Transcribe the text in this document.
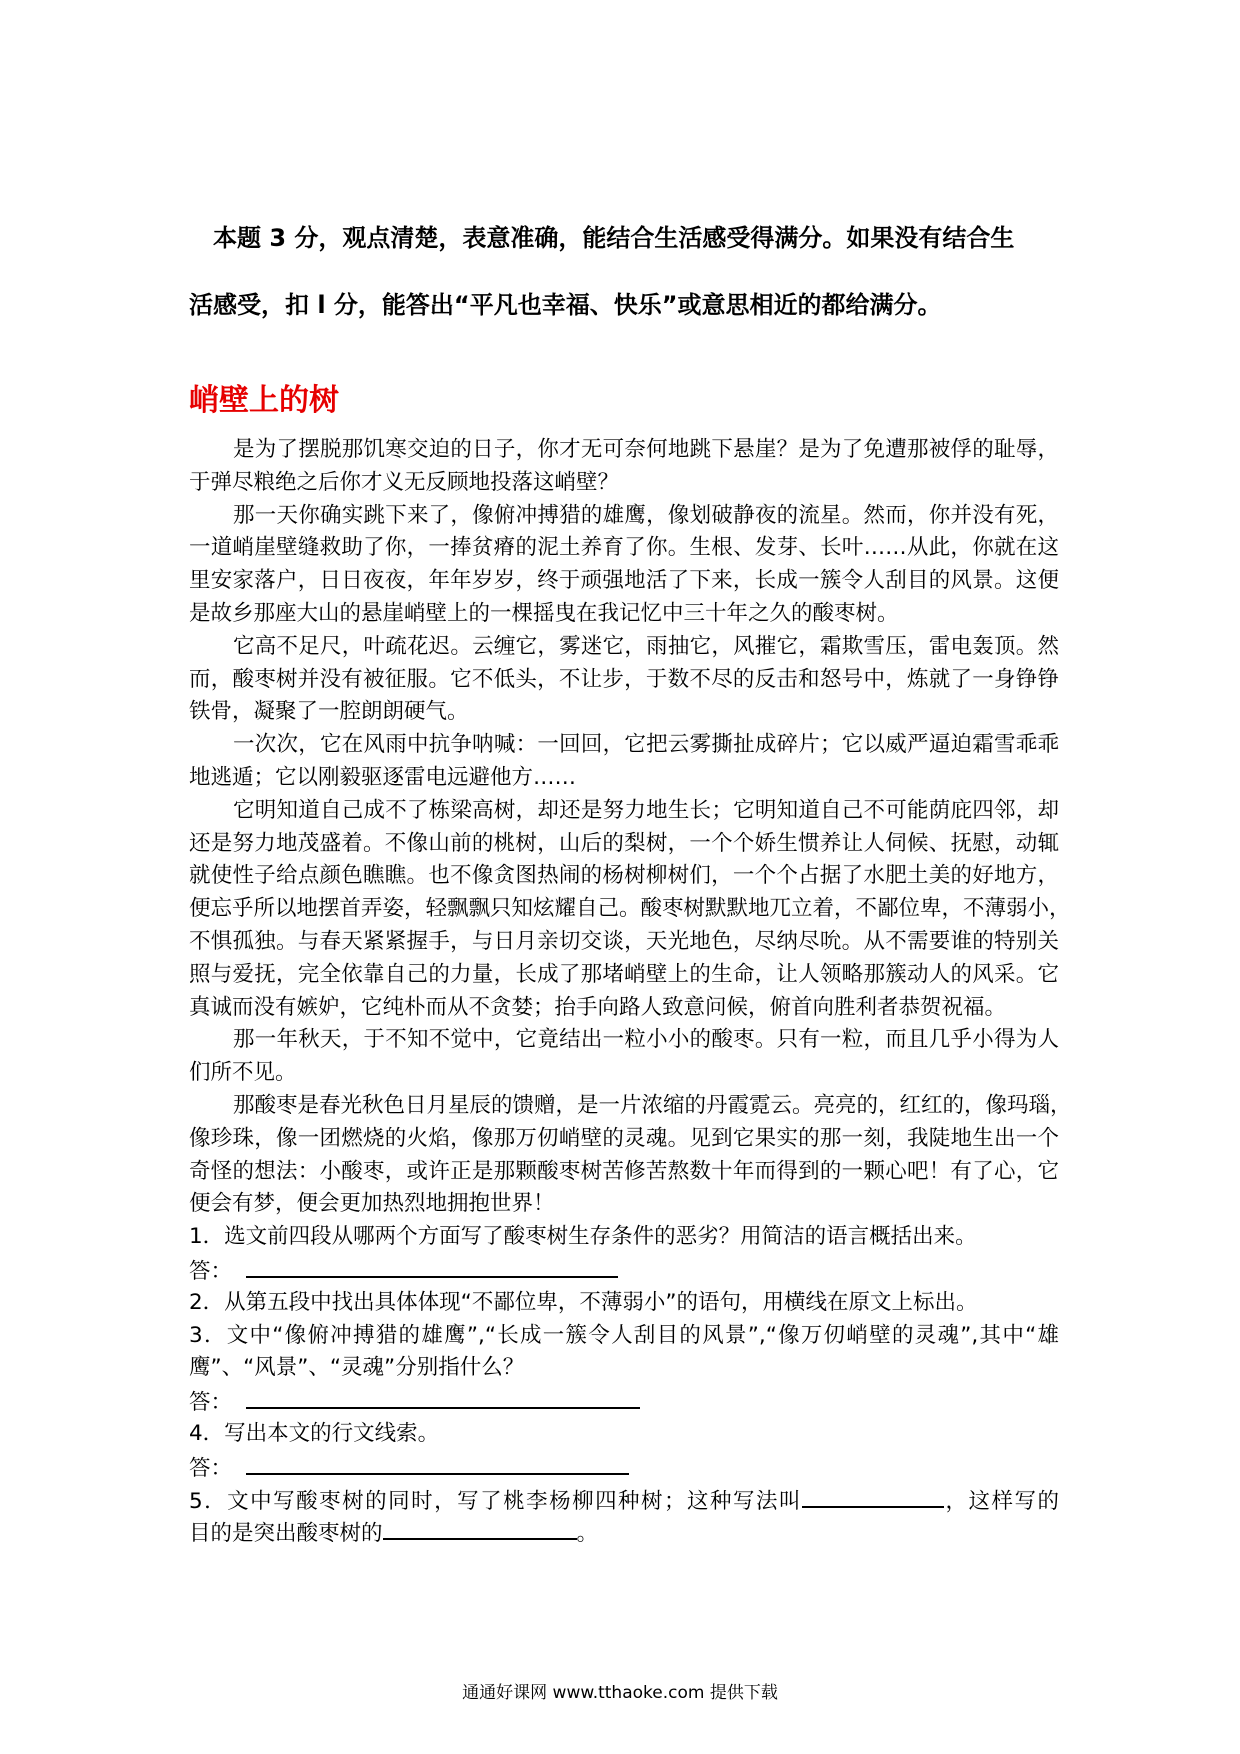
本题 3 分，观点清楚，表意准确，能结合生活感受得满分。如果没有结合生
活感受，扣 l 分，能答出“平凡也幸福、快乐”或意思相近的都给满分。
峭壁上的树
是为了摆脱那饥寒交迫的日子，你才无可奈何地跳下悬崖？是为了免遭那被俘的耻辱，
于弹尽粮绝之后你才义无反顾地投落这峭壁？
那一天你确实跳下来了，像俯冲搏猎的雄鹰，像划破静夜的流星。然而，你并没有死，
一道峭崖壁缝救助了你，一捧贫瘠的泥土养育了你。生根、发芽、长叶……从此，你就在这
里安家落户，日日夜夜，年年岁岁，终于顽强地活了下来，长成一簇令人刮目的风景。这便
是故乡那座大山的悬崖峭壁上的一棵摇曳在我记忆中三十年之久的酸枣树。
它高不足尺，叶疏花迟。云缠它，雾迷它，雨抽它，风摧它，霜欺雪压，雷电轰顶。然
而，酸枣树并没有被征服。它不低头，不让步，于数不尽的反击和怒号中，炼就了一身铮铮
铁骨，凝聚了一腔朗朗硬气。
一次次，它在风雨中抗争呐喊：一回回，它把云雾撕扯成碎片；它以威严逼迫霜雪乖乖
地逃遁；它以刚毅驱逐雷电远避他方……
它明知道自己成不了栋梁高树，却还是努力地生长；它明知道自己不可能荫庇四邻，却
还是努力地茂盛着。不像山前的桃树，山后的梨树，一个个娇生惯养让人伺候、抚慰，动辄
就使性子给点颜色瞧瞧。也不像贪图热闹的杨树柳树们，一个个占据了水肥土美的好地方，
便忘乎所以地摆首弄姿，轻飘飘只知炫耀自己。酸枣树默默地兀立着，不鄙位卑，不薄弱小，
不惧孤独。与春天紧紧握手，与日月亲切交谈，天光地色，尽纳尽吮。从不需要谁的特别关
照与爱抚，完全依靠自己的力量，长成了那堵峭壁上的生命，让人领略那簇动人的风采。它
真诚而没有嫉妒，它纯朴而从不贪婪；抬手向路人致意问候，俯首向胜利者恭贺祝福。
那一年秋天，于不知不觉中，它竟结出一粒小小的酸枣。只有一粒，而且几乎小得为人
们所不见。
那酸枣是春光秋色日月星辰的馈赠，是一片浓缩的丹霞霓云。亮亮的，红红的，像玛瑙，
像珍珠，像一团燃烧的火焰，像那万仞峭壁的灵魂。见到它果实的那一刻，我陡地生出一个
奇怪的想法：小酸枣，或许正是那颗酸枣树苦修苦熬数十年而得到的一颗心吧！有了心，它
便会有梦，便会更加热烈地拥抱世界！
1．选文前四段从哪两个方面写了酸枣树生存条件的恶劣？用简洁的语言概括出来。
答：
2．从第五段中找出具体体现“不鄙位卑，不薄弱小”的语句，用横线在原文上标出。
3．文中“像俯冲搏猎的雄鹰”,“长成一簇令人刮目的风景”,“像万仞峭壁的灵魂”,其中“雄
鹰”、“风景”、“灵魂”分别指什么？
答：
4．写出本文的行文线索。
答：
5．文中写酸枣树的同时，写了桃李杨柳四种树；这种写法叫	，这样写的
目的是突出酸枣树的	。
通通好课网 www.tthaoke.com 提供下载
